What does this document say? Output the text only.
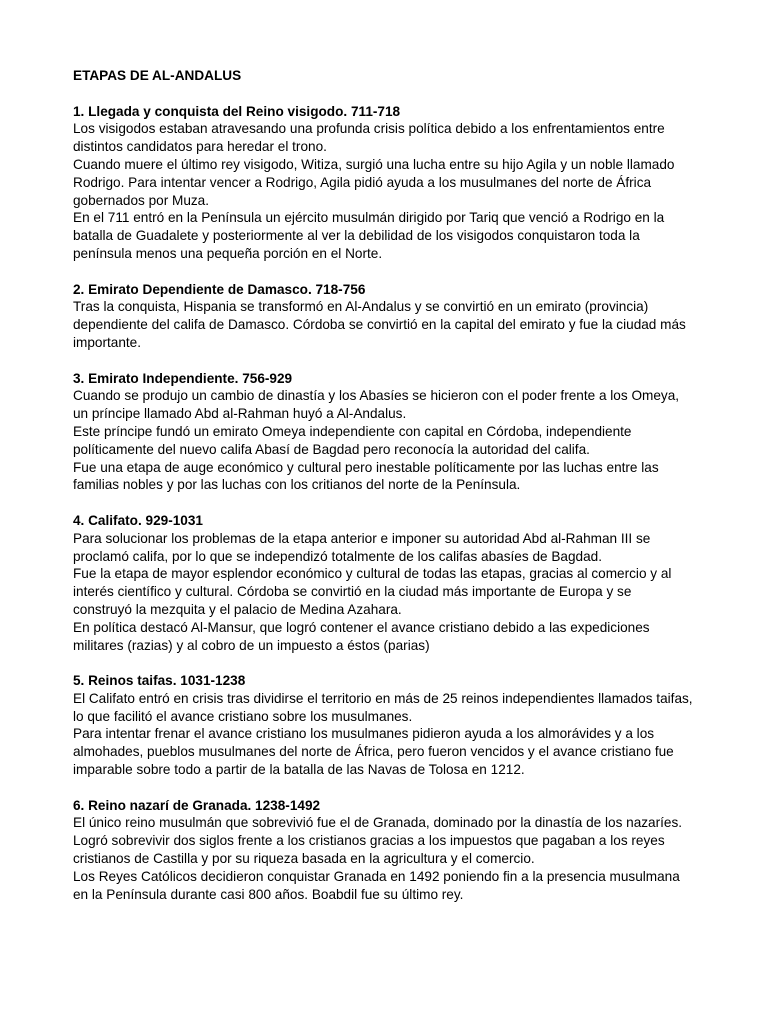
ETAPAS DE AL-ANDALUS
1. Llegada y conquista del Reino visigodo. 711-718
Los visigodos estaban atravesando una profunda crisis política debido a los enfrentamientos entre distintos candidatos para heredar el trono.
Cuando muere el último rey visigodo, Witiza, surgió una lucha entre su hijo Agila y un noble llamado Rodrigo. Para intentar vencer a Rodrigo, Agila pidió ayuda a los musulmanes del norte de África gobernados por Muza.
En el 711 entró en la Península un ejército musulmán dirigido por Tariq que venció a Rodrigo en la batalla de Guadalete y posteriormente al ver la debilidad de los visigodos conquistaron toda la península menos una pequeña porción en el Norte.
2. Emirato Dependiente de Damasco. 718-756
Tras la conquista, Hispania se transformó en Al-Andalus y se convirtió en un emirato (provincia) dependiente del califa de Damasco. Córdoba se convirtió en la capital del emirato y fue la ciudad más importante.
3. Emirato Independiente. 756-929
Cuando se produjo un cambio de dinastía y los Abasíes se hicieron con el poder frente a los Omeya, un príncipe llamado Abd al-Rahman huyó a Al-Andalus.
Este príncipe fundó un emirato Omeya independiente con capital en Córdoba, independiente políticamente del nuevo califa Abasí de Bagdad pero reconocía la autoridad del califa.
Fue una etapa de auge económico y cultural pero inestable políticamente por las luchas entre las familias nobles y por las luchas con los critianos del norte de la Península.
4. Califato. 929-1031
Para solucionar los problemas de la etapa anterior e imponer su autoridad Abd al-Rahman III se proclamó califa, por lo que se independizó totalmente de los califas abasíes de Bagdad.
Fue la etapa de mayor esplendor económico y cultural de todas las etapas, gracias al comercio y al interés científico y cultural. Córdoba se convirtió en la ciudad más importante de Europa y se construyó la mezquita y el palacio de Medina Azahara.
En política destacó Al-Mansur, que logró contener el avance cristiano debido a las expediciones militares (razias) y al cobro de un impuesto a éstos (parias)
5. Reinos taifas. 1031-1238
El Califato entró en crisis tras dividirse el territorio en más de 25 reinos independientes llamados taifas, lo que facilitó el avance cristiano sobre los musulmanes.
Para intentar frenar el avance cristiano los musulmanes pidieron ayuda a los almorávides y a los almohades, pueblos musulmanes del norte de África, pero fueron vencidos y el avance cristiano fue imparable sobre todo a partir de la batalla de las Navas de Tolosa en 1212.
6. Reino nazarí de Granada. 1238-1492
El único reino musulmán que sobrevivió fue el de Granada, dominado por la dinastía de los nazaríes.
Logró sobrevivir dos siglos frente a los cristianos gracias a los impuestos que pagaban a los reyes cristianos de Castilla y por su riqueza basada en la agricultura y el comercio.
Los Reyes Católicos decidieron conquistar Granada en 1492 poniendo fin a la presencia musulmana en la Península durante casi 800 años. Boabdil fue su último rey.
